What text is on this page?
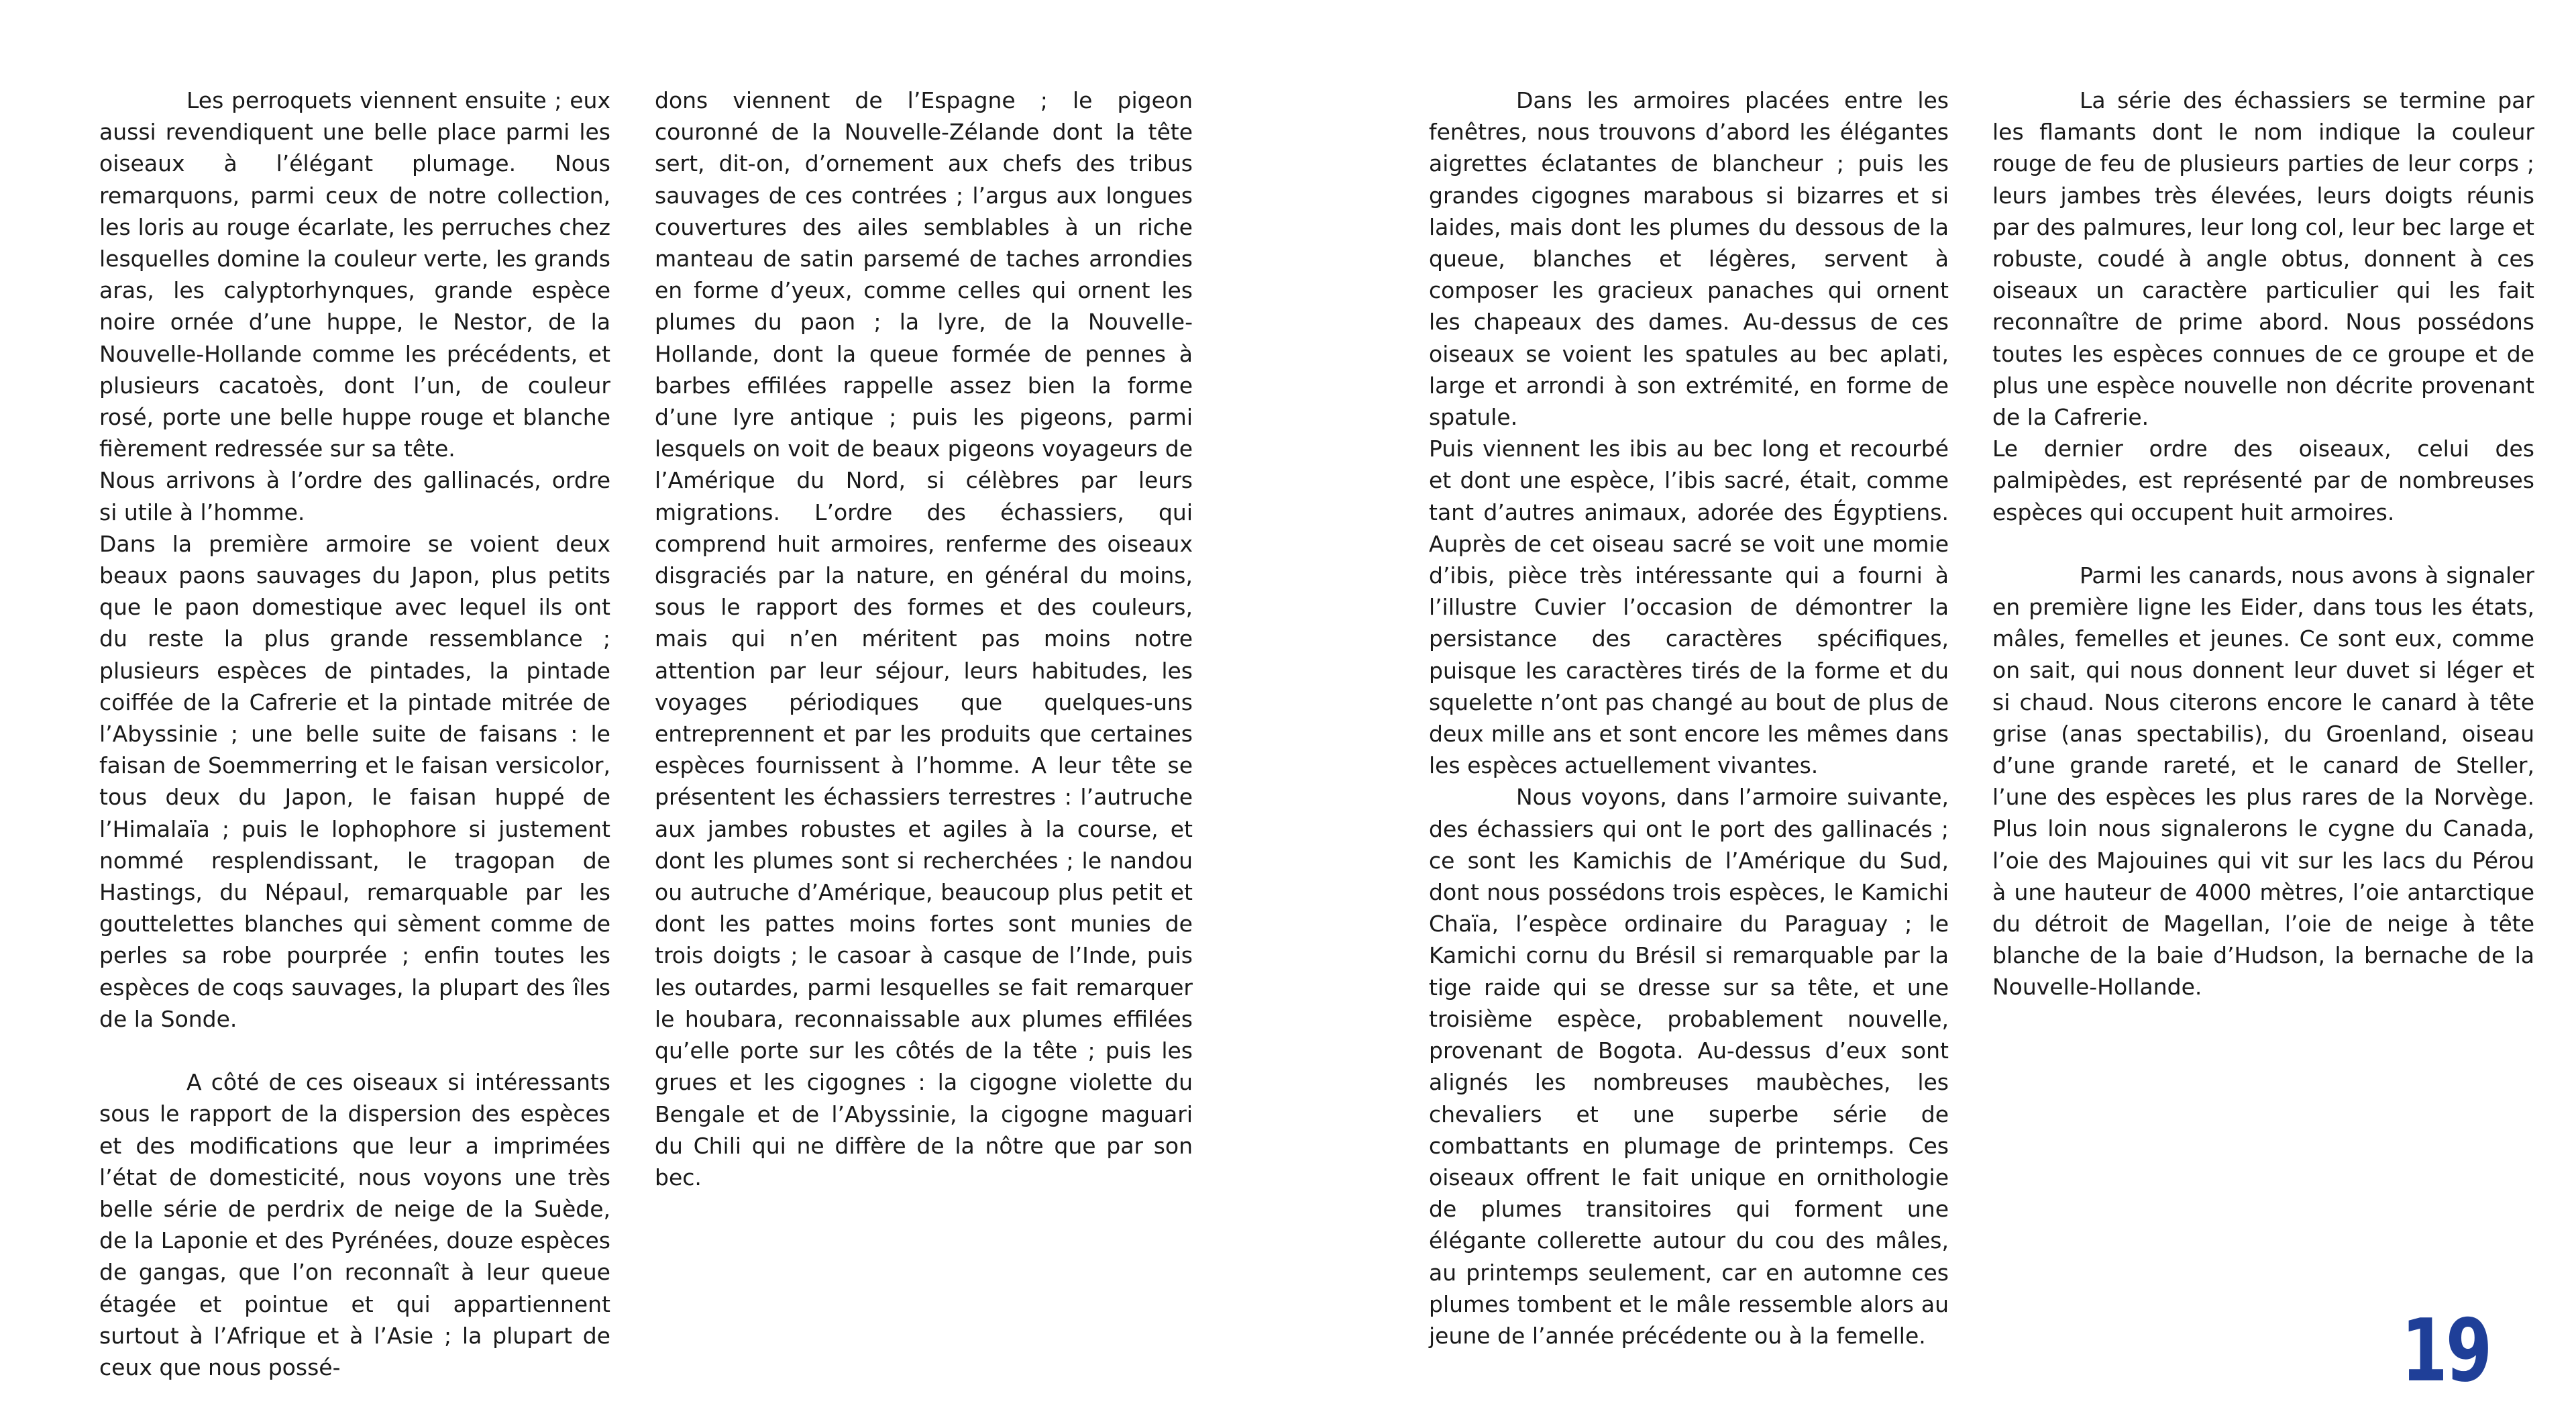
Les perroquets viennent ensuite ; eux aussi revendiquent une belle place parmi les oiseaux à l’élégant plumage. Nous remarquons, parmi ceux de notre collection, les loris au rouge écarlate, les perruches chez lesquelles domine la couleur verte, les grands aras, les calyptorhynques, grande espèce noire ornée d’une huppe, le Nestor, de la Nouvelle-Hollande comme les précédents, et plusieurs cacatoès, dont l’un, de couleur rosé, porte une belle huppe rouge et blanche fièrement redressée sur sa tête.

Nous arrivons à l’ordre des gallinacés, ordre si utile à l’homme.

Dans la première armoire se voient deux beaux paons sauvages du Japon, plus petits que le paon domestique avec lequel ils ont du reste la plus grande ressemblance ; plusieurs espèces de pintades, la pintade coiffée de la Cafrerie et la pintade mitrée de l’Abyssinie ; une belle suite de faisans : le faisan de Soemmerring et le faisan versicolor, tous deux du Japon, le faisan huppé de l’Himalaïa ; puis le lophophore si justement nommé resplendissant, le tragopan de Hastings, du Népaul, remarquable par les gouttelettes blanches qui sèment comme de perles sa robe pourprée ; enfin toutes les espèces de coqs sauvages, la plupart des îles de la Sonde.

A côté de ces oiseaux si intéressants sous le rapport de la dispersion des espèces et des modifications que leur a imprimées l’état de domesticité, nous voyons une très belle série de perdrix de neige de la Suède, de la Laponie et des Pyrénées, douze espèces de gangas, que l’on reconnaît à leur queue étagée et pointue et qui appartiennent surtout à l’Afrique et à l’Asie ; la plupart de ceux que nous possé-

dons viennent de l’Espagne ; le pigeon couronné de la Nouvelle-Zélande dont la tête sert, dit-on, d’ornement aux chefs des tribus sauvages de ces contrées ; l’argus aux longues couvertures des ailes semblables à un riche manteau de satin parsemé de taches arrondies en forme d’yeux, comme celles qui ornent les plumes du paon ; la lyre, de la Nouvelle-Hollande, dont la queue formée de pennes à barbes effilées rappelle assez bien la forme d’une lyre antique ; puis les pigeons, parmi lesquels on voit de beaux pigeons voyageurs de l’Amérique du Nord, si célèbres par leurs migrations. L’ordre des échassiers, qui comprend huit armoires, renferme des oiseaux disgraciés par la nature, en général du moins, sous le rapport des formes et des couleurs, mais qui n’en méritent pas moins notre attention par leur séjour, leurs habitudes, les voyages périodiques que quelques-uns entreprennent et par les produits que certaines espèces fournissent à l’homme. A leur tête se présentent les échassiers terrestres : l’autruche aux jambes robustes et agiles à la course, et dont les plumes sont si recherchées ; le nandou ou autruche d’Amérique, beaucoup plus petit et dont les pattes moins fortes sont munies de trois doigts ; le casoar à casque de l’Inde, puis les outardes, parmi lesquelles se fait remarquer le houbara, reconnaissable aux plumes effilées qu’elle porte sur les côtés de la tête ; puis les grues et les cigognes : la cigogne violette du Bengale et de l’Abyssinie, la cigogne maguari du Chili qui ne diffère de la nôtre que par son bec.

Dans les armoires placées entre les fenêtres, nous trouvons d’abord les élégantes aigrettes éclatantes de blancheur ; puis les grandes cigognes marabous si bizarres et si laides, mais dont les plumes du dessous de la queue, blanches et légères, servent à composer les gracieux panaches qui ornent les chapeaux des dames. Au-dessus de ces oiseaux se voient les spatules au bec aplati, large et arrondi à son extrémité, en forme de spatule.

Puis viennent les ibis au bec long et recourbé et dont une espèce, l’ibis sacré, était, comme tant d’autres animaux, adorée des Égyptiens. Auprès de cet oiseau sacré se voit une momie d’ibis, pièce très intéressante qui a fourni à l’illustre Cuvier l’occasion de démontrer la persistance des caractères spécifiques, puisque les caractères tirés de la forme et du squelette n’ont pas changé au bout de plus de deux mille ans et sont encore les mêmes dans les espèces actuellement vivantes.

Nous voyons, dans l’armoire suivante, des échassiers qui ont le port des gallinacés ; ce sont les Kamichis de l’Amérique du Sud, dont nous possédons trois espèces, le Kamichi Chaïa, l’espèce ordinaire du Paraguay ; le Kamichi cornu du Brésil si remarquable par la tige raide qui se dresse sur sa tête, et une troisième espèce, probablement nouvelle, provenant de Bogota. Au-dessus d’eux sont alignés les nombreuses maubèches, les chevaliers et une superbe série de combattants en plumage de printemps. Ces oiseaux offrent le fait unique en ornithologie de plumes transitoires qui forment une élégante collerette autour du cou des mâles, au printemps seulement, car en automne ces plumes tombent et le mâle ressemble alors au jeune de l’année précédente ou à la femelle.

La série des échassiers se termine par les flamants dont le nom indique la couleur rouge de feu de plusieurs parties de leur corps ; leurs jambes très élevées, leurs doigts réunis par des palmures, leur long col, leur bec large et robuste, coudé à angle obtus, donnent à ces oiseaux un caractère particulier qui les fait reconnaître de prime abord. Nous possédons toutes les espèces connues de ce groupe et de plus une espèce nouvelle non décrite provenant de la Cafrerie.

Le dernier ordre des oiseaux, celui des palmipèdes, est représenté par de nombreuses espèces qui occupent huit armoires.

Parmi les canards, nous avons à signaler en première ligne les Eider, dans tous les états, mâles, femelles et jeunes. Ce sont eux, comme on sait, qui nous donnent leur duvet si léger et si chaud. Nous citerons encore le canard à tête grise (anas spectabilis), du Groenland, oiseau d’une grande rareté, et le canard de Steller, l’une des espèces les plus rares de la Norvège. Plus loin nous signalerons le cygne du Canada, l’oie des Majouines qui vit sur les lacs du Pérou à une hauteur de 4000 mètres, l’oie antarctique du détroit de Magellan, l’oie de neige à tête blanche de la baie d’Hudson, la bernache de la Nouvelle-Hollande.

19
